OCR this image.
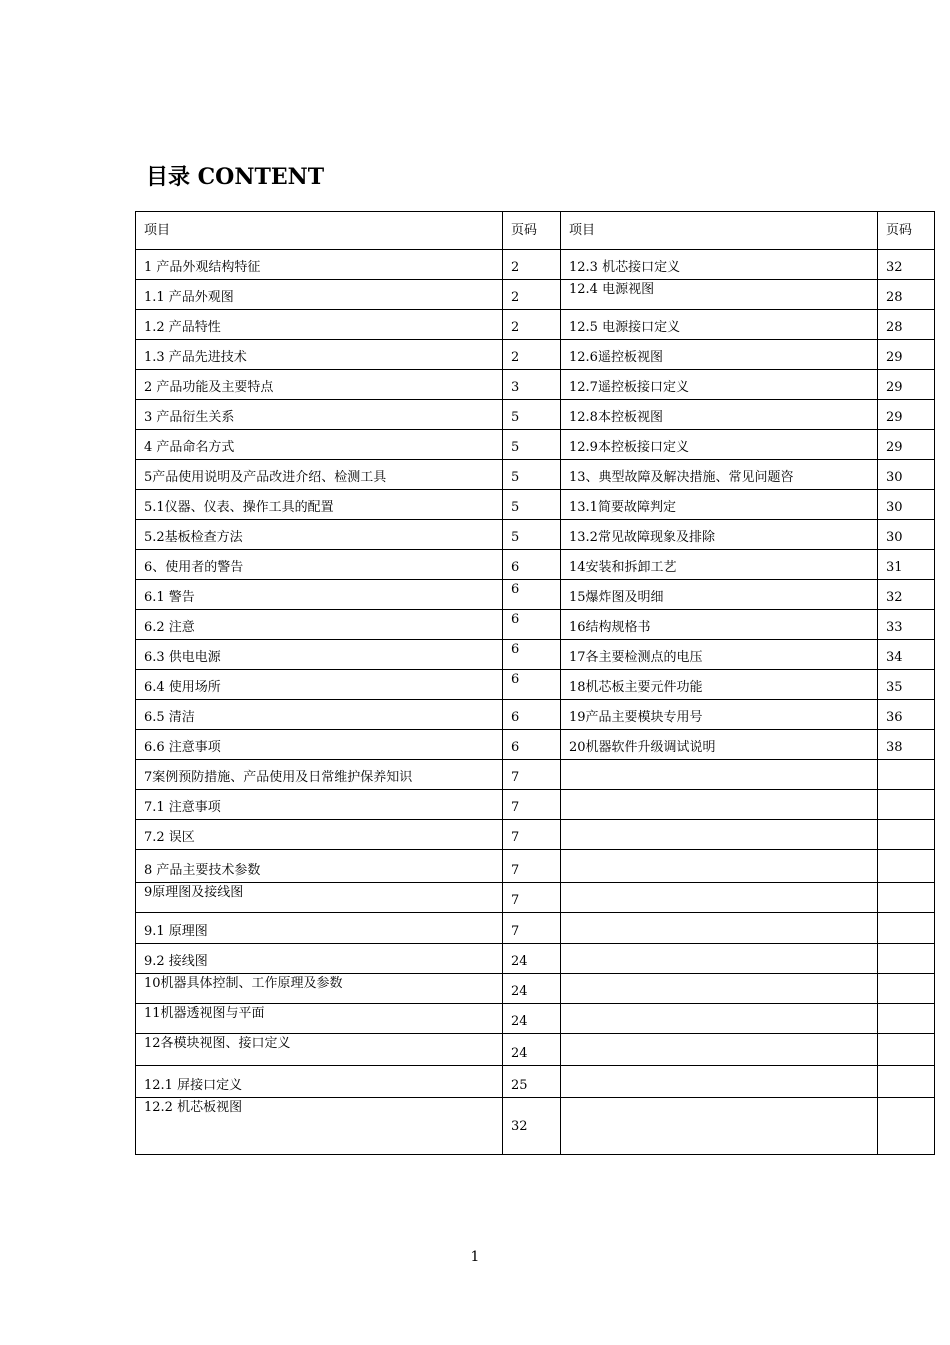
目录 CONTENT
项目	页码	项目	页码
1 产品外观结构特征	2	12.3 机芯接口定义	32
1.1 产品外观图	2	12.4 电源视图	28
1.2 产品特性	2	12.5 电源接口定义	28
1.3 产品先进技术	2	12.6遥控板视图	29
2 产品功能及主要特点	3	12.7遥控板接口定义	29
3 产品衍生关系	5	12.8本控板视图	29
4 产品命名方式	5	12.9本控板接口定义	29
5产品使用说明及产品改进介绍、检测工具	5	13、典型故障及解决措施、常见问题咨	30
5.1仪器、仪表、操作工具的配置	5	13.1简要故障判定	30
5.2基板检查方法	5	13.2常见故障现象及排除	30
6、使用者的警告	6	14安装和拆卸工艺	31
6.1 警告	6	15爆炸图及明细	32
6.2 注意	6	16结构规格书	33
6.3 供电电源	6	17各主要检测点的电压	34
6.4 使用场所	6	18机芯板主要元件功能	35
6.5 清洁	6	19产品主要模块专用号	36
6.6 注意事项	6	20机器软件升级调试说明	38
7案例预防措施、产品使用及日常维护保养知识	7		
7.1 注意事项	7		
7.2 误区	7		
8 产品主要技术参数	7		
9原理图及接线图	7		
9.1 原理图	7		
9.2 接线图	24		
10机器具体控制、工作原理及参数	24		
11机器透视图与平面	24		
12各模块视图、接口定义	24		
12.1 屏接口定义	25		
12.2 机芯板视图	32		
1
